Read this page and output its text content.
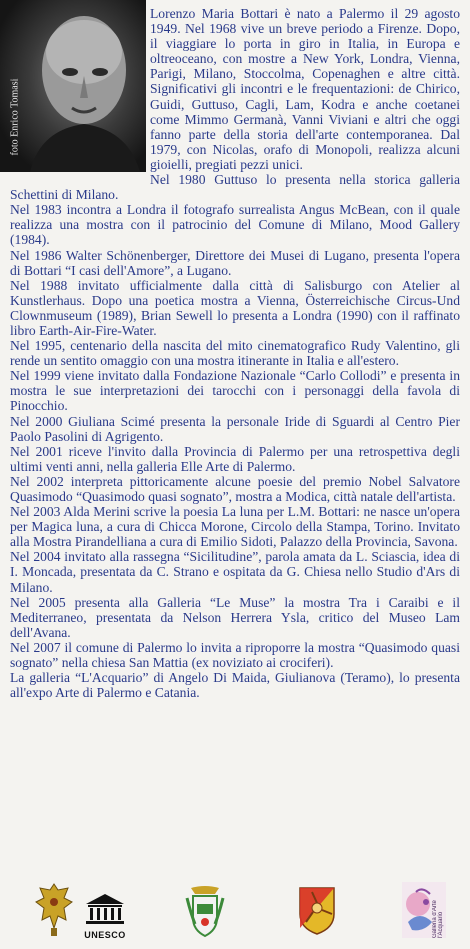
foto Enrico Tomasi

Lorenzo Maria Bottari è nato a Palermo il 29 agosto 1949. Nel 1968 vive un breve periodo a Firenze. Dopo, il viaggiare lo porta in giro in Italia, in Europa e oltreoceano, con mostre a New York, Londra, Vienna, Parigi, Milano, Stoccolma, Copenaghen e altre città. Significativi gli incontri e le frequentazioni: de Chirico, Guidi, Guttuso, Cagli, Lam, Kodra e anche coetanei come Mimmo Germanà, Vanni Viviani e altri che oggi fanno parte della storia dell'arte contemporanea. Dal 1979, con Nicolas, orafo di Monopoli, realizza alcuni gioielli, pregiati pezzi unici.

Nel 1980 Guttuso lo presenta nella storica galleria Schettini di Milano.

Nel 1983 incontra a Londra il fotografo surrealista Angus McBean, con il quale realizza una mostra con il patrocinio del Comune di Milano, Mood Gallery (1984).

Nel 1986 Walter Schönenberger, Direttore dei Musei di Lugano, presenta l'opera di Bottari “I casi dell'Amore”, a Lugano.

Nel 1988 invitato ufficialmente dalla città di Salisburgo con Atelier al Kunstlerhaus. Dopo una poetica mostra a Vienna, Österreichische Circus-Und Clownmuseum (1989), Brian Sewell lo presenta a Londra (1990) con il raffinato libro Earth-Air-Fire-Water.

Nel 1995, centenario della nascita del mito cinematografico Rudy Valentino, gli rende un sentito omaggio con una mostra itinerante in Italia e all'estero.

Nel 1999 viene invitato dalla Fondazione Nazionale “Carlo Collodi” e presenta in mostra le sue interpretazioni dei tarocchi con i personaggi della favola di Pinocchio.

Nel 2000 Giuliana Scimé presenta la personale Iride di Sguardi al Centro Pier Paolo Pasolini di Agrigento.

Nel 2001 riceve l'invito dalla Provincia di Palermo per una retrospettiva degli ultimi venti anni, nella galleria Elle Arte di Palermo.

Nel 2002 interpreta pittoricamente alcune poesie del premio Nobel Salvatore Quasimodo “Quasimodo quasi sognato”, mostra a Modica, città natale dell'artista.

Nel 2003 Alda Merini scrive la poesia La luna per L.M. Bottari: ne nasce un'opera per Magica luna, a cura di Chicca Morone, Circolo della Stampa, Torino. Invitato alla Mostra Pirandelliana a cura di Emilio Sidoti, Palazzo della Provincia, Savona.

Nel 2004 invitato alla rassegna “Sicilitudine”, parola amata da L. Sciascia, idea di I. Moncada, presentata da C. Strano e ospitata da G. Chiesa nello Studio d'Ars di Milano.

Nel 2005 presenta alla Galleria “Le Muse” la mostra Tra i Caraibi e il Mediterraneo, presentata da Nelson Herrera Ysla, critico del Museo Lam dell'Avana.

Nel 2007 il comune di Palermo lo invita a riproporre la mostra “Quasimodo quasi sognato” nella chiesa San Mattia (ex noviziato ai crociferi).

La galleria “L'Acquario” di Angelo Di Maida, Giulianova (Teramo), lo presenta all'expo Arte di Palermo e Catania.

UNESCO	Galleria d'Arte l'Acquario
